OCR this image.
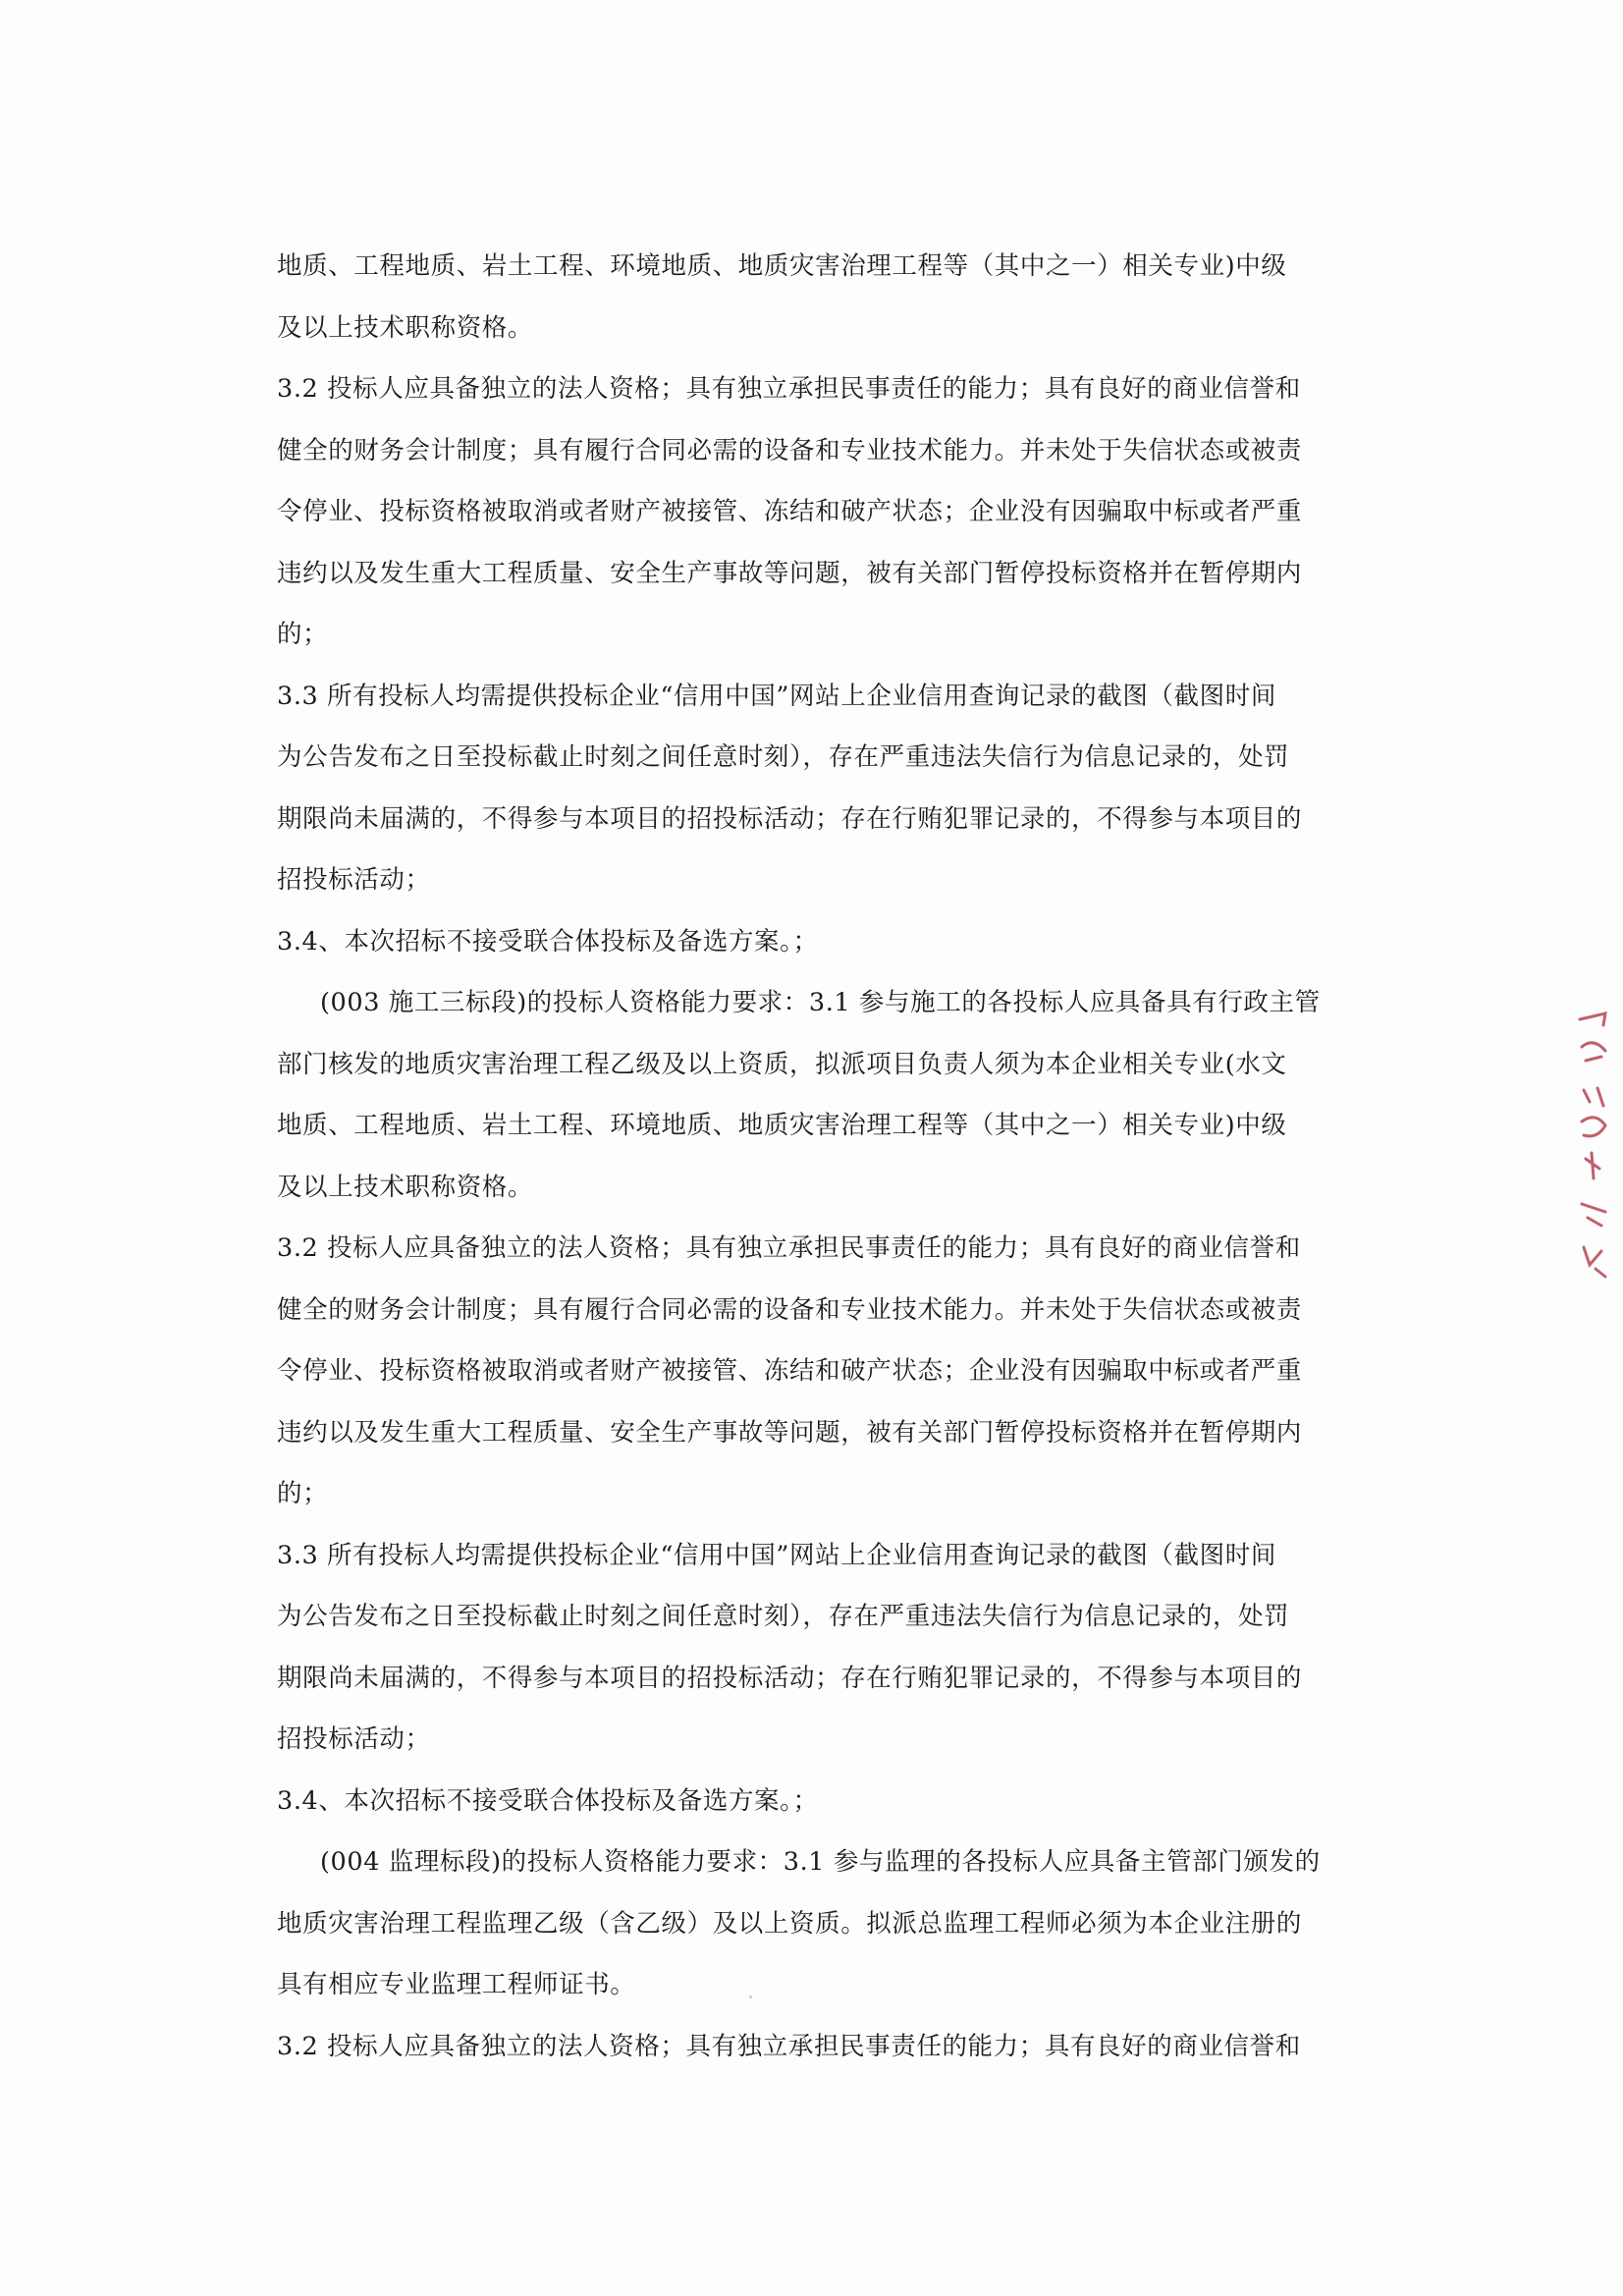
地质、工程地质、岩土工程、环境地质、地质灾害治理工程等（其中之一）相关专业)中级
及以上技术职称资格。
3.2 投标人应具备独立的法人资格；具有独立承担民事责任的能力；具有良好的商业信誉和
健全的财务会计制度；具有履行合同必需的设备和专业技术能力。并未处于失信状态或被责
令停业、投标资格被取消或者财产被接管、冻结和破产状态；企业没有因骗取中标或者严重
违约以及发生重大工程质量、安全生产事故等问题，被有关部门暂停投标资格并在暂停期内
的；
3.3 所有投标人均需提供投标企业“信用中国”网站上企业信用查询记录的截图（截图时间
为公告发布之日至投标截止时刻之间任意时刻），存在严重违法失信行为信息记录的，处罚
期限尚未届满的，不得参与本项目的招投标活动；存在行贿犯罪记录的，不得参与本项目的
招投标活动；
3.4、本次招标不接受联合体投标及备选方案。；
(003 施工三标段)的投标人资格能力要求：3.1 参与施工的各投标人应具备具有行政主管
部门核发的地质灾害治理工程乙级及以上资质，拟派项目负责人须为本企业相关专业(水文
地质、工程地质、岩土工程、环境地质、地质灾害治理工程等（其中之一）相关专业)中级
及以上技术职称资格。
3.2 投标人应具备独立的法人资格；具有独立承担民事责任的能力；具有良好的商业信誉和
健全的财务会计制度；具有履行合同必需的设备和专业技术能力。并未处于失信状态或被责
令停业、投标资格被取消或者财产被接管、冻结和破产状态；企业没有因骗取中标或者严重
违约以及发生重大工程质量、安全生产事故等问题，被有关部门暂停投标资格并在暂停期内
的；
3.3 所有投标人均需提供投标企业“信用中国”网站上企业信用查询记录的截图（截图时间
为公告发布之日至投标截止时刻之间任意时刻），存在严重违法失信行为信息记录的，处罚
期限尚未届满的，不得参与本项目的招投标活动；存在行贿犯罪记录的，不得参与本项目的
招投标活动；
3.4、本次招标不接受联合体投标及备选方案。；
(004 监理标段)的投标人资格能力要求：3.1 参与监理的各投标人应具备主管部门颁发的
地质灾害治理工程监理乙级（含乙级）及以上资质。拟派总监理工程师必须为本企业注册的
具有相应专业监理工程师证书。
3.2 投标人应具备独立的法人资格；具有独立承担民事责任的能力；具有良好的商业信誉和
